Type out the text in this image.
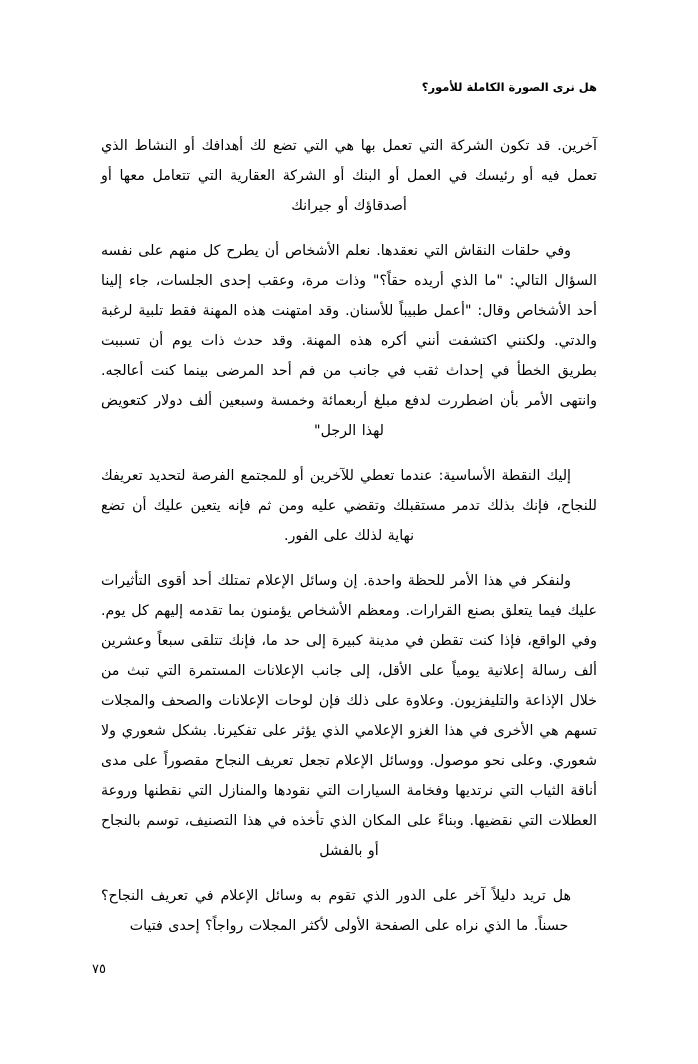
هل نرى الصورة الكاملة للأمور؟

آخرين. قد تكون الشركة التي تعمل بها هي التي تضع لك أهدافك أو النشاط الذي تعمل فيه أو رئيسك في العمل أو البنك أو الشركة العقارية التي تتعامل معها أو أصدقاؤك أو جيرانك

وفي حلقات النقاش التي نعقدها. نعلم الأشخاص أن يطرح كل منهم على نفسه السؤال التالي: "ما الذي أريده حقاً؟" وذات مرة، وعقب إحدى الجلسات، جاء إلينا أحد الأشخاص وقال: "أعمل طبيباً للأسنان. وقد امتهنت هذه المهنة فقط تلبية لرغبة والدتي. ولكنني اكتشفت أنني أكره هذه المهنة. وقد حدث ذات يوم أن تسببت بطريق الخطأ في إحداث ثقب في جانب من فم أحد المرضى بينما كنت أعالجه. وانتهى الأمر بأن اضطررت لدفع مبلغ أربعمائة وخمسة وسبعين ألف دولار كتعويض لهذا الرجل"

إليك النقطة الأساسية: عندما تعطي للآخرين أو للمجتمع الفرصة لتحديد تعريفك للنجاح، فإنك بذلك تدمر مستقبلك وتقضي عليه ومن ثم فإنه يتعين عليك أن تضع نهاية لذلك على الفور.

ولنفكر في هذا الأمر للحظة واحدة. إن وسائل الإعلام تمتلك أحد أقوى التأثيرات عليك فيما يتعلق بصنع القرارات. ومعظم الأشخاص يؤمنون بما تقدمه إليهم كل يوم. وفي الواقع، فإذا كنت تقطن في مدينة كبيرة إلى حد ما، فإنك تتلقى سبعاً وعشرين ألف رسالة إعلانية يومياً على الأقل، إلى جانب الإعلانات المستمرة التي تبث من خلال الإذاعة والتليفزيون. وعلاوة على ذلك فإن لوحات الإعلانات والصحف والمجلات تسهم هي الأخرى في هذا الغزو الإعلامي الذي يؤثر على تفكيرنا. بشكل شعوري ولا شعوري. وعلى نحو موصول. ووسائل الإعلام تجعل تعريف النجاح مقصوراً على مدى أناقة الثياب التي نرتديها وفخامة السيارات التي نقودها والمنازل التي نقطنها وروعة العطلات التي نقضيها. وبناءً على المكان الذي تأخذه في هذا التصنيف، توسم بالنجاح أو بالفشل

هل تريد دليلاً آخر على الدور الذي تقوم به وسائل الإعلام في تعريف النجاح؟ حسناً. ما الذي نراه على الصفحة الأولى لأكثر المجلات رواجاً؟ إحدى فتيات

٧٥
